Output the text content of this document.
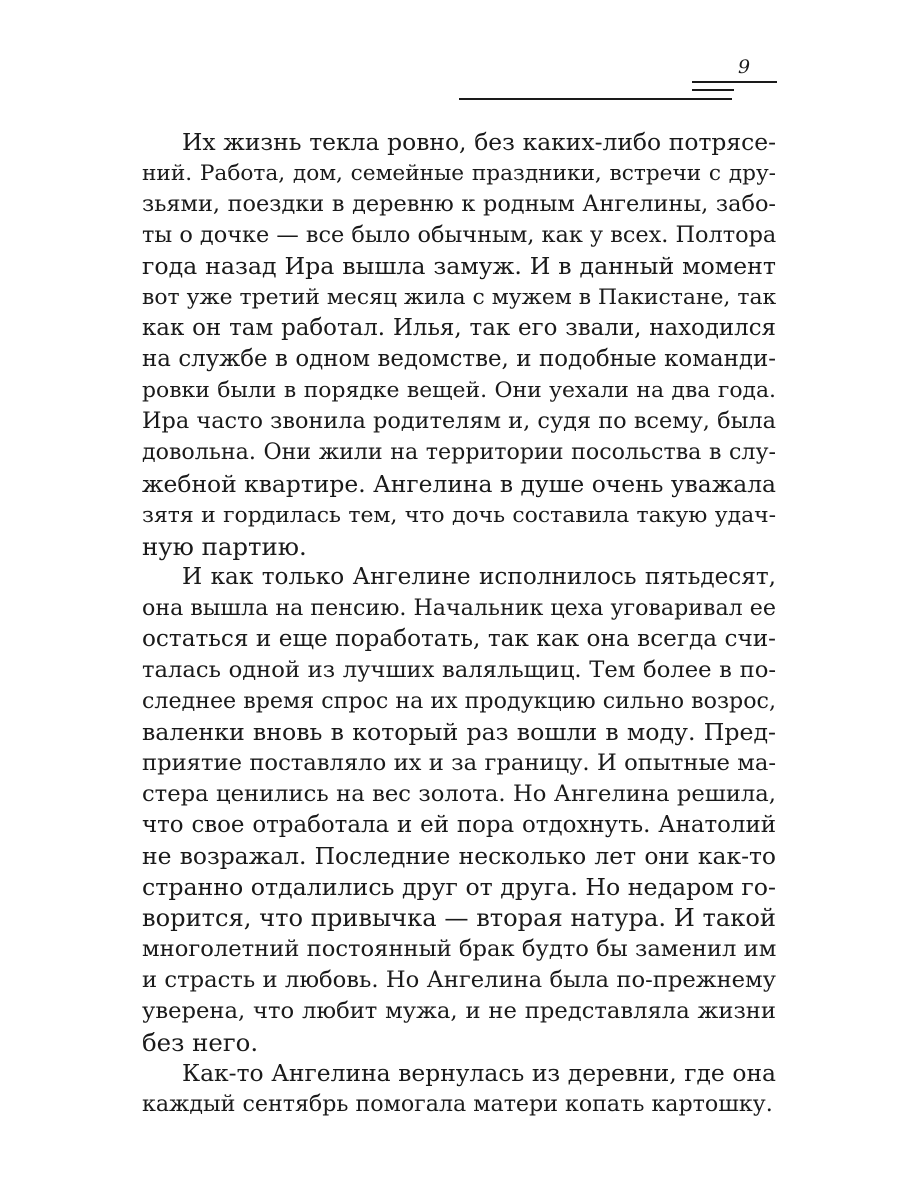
9
Их жизнь текла ровно, без каких-либо потрясе-
ний. Работа, дом, семейные праздники, встречи с дру-
зьями, поездки в деревню к родным Ангелины, забо-
ты о дочке — все было обычным, как у всех. Полтора
года назад Ира вышла замуж. И в данный момент
вот уже третий месяц жила с мужем в Пакистане, так
как он там работал. Илья, так его звали, находился
на службе в одном ведомстве, и подобные команди-
ровки были в порядке вещей. Они уехали на два года.
Ира часто звонила родителям и, судя по всему, была
довольна. Они жили на территории посольства в слу-
жебной квартире. Ангелина в душе очень уважала
зятя и гордилась тем, что дочь составила такую удач-
ную партию.
И как только Ангелине исполнилось пятьдесят,
она вышла на пенсию. Начальник цеха уговаривал ее
остаться и еще поработать, так как она всегда счи-
талась одной из лучших валяльщиц. Тем более в по-
следнее время спрос на их продукцию сильно возрос,
валенки вновь в который раз вошли в моду. Пред-
приятие поставляло их и за границу. И опытные ма-
стера ценились на вес золота. Но Ангелина решила,
что свое отработала и ей пора отдохнуть. Анатолий
не возражал. Последние несколько лет они как-то
странно отдалились друг от друга. Но недаром го-
ворится, что привычка — вторая натура. И такой
многолетний постоянный брак будто бы заменил им
и страсть и любовь. Но Ангелина была по-прежнему
уверена, что любит мужа, и не представляла жизни
без него.
Как-то Ангелина вернулась из деревни, где она
каждый сентябрь помогала матери копать картошку.
